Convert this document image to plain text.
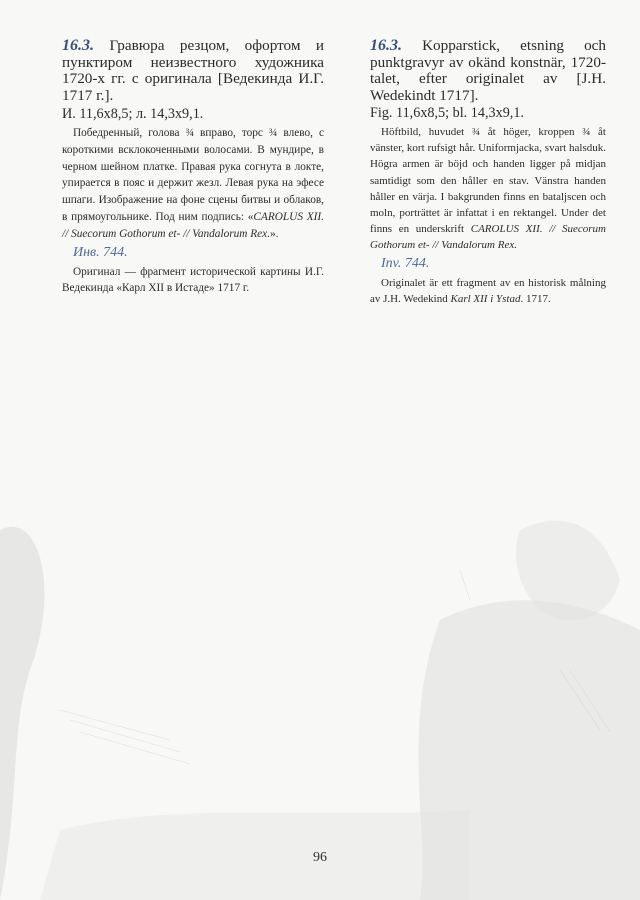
16.3. Гравюра резцом, офортом и пунктиром неизвестного художника 1720-х гг. с оригинала [Ведекинда И.Г. 1717 г.].

И. 11,6х8,5; л. 14,3х9,1.

Победренный, голова ¾ вправо, торс ¾ влево, с короткими всклокоченными волосами. В мундире, в черном шейном платке. Правая рука согнута в локте, упирается в пояс и держит жезл. Левая рука на эфесе шпаги. Изображение на фоне сцены битвы и облаков, в прямоугольнике. Под ним подпись: «CAROLUS XII. // Suecorum Gothorum et- // Vandalorum Rex.».

Инв. 744.

Оригинал — фрагмент исторической картины И.Г. Ведекинда «Карл XII в Истаде» 1717 г.

16.3. Kopparstick, etsning och punktgravyr av okänd konstnär, 1720-talet, efter originalet av [J.H. Wedekindt 1717].

Fig. 11,6x8,5; bl. 14,3x9,1.

Höftbild, huvudet ¾ åt höger, kroppen ¾ åt vänster, kort rufsigt hår. Uniformjacka, svart halsduk. Högra armen är böjd och handen ligger på midjan samtidigt som den håller en stav. Vänstra handen håller en värja. I bakgrunden finns en bataljscen och moln, porträttet är infattat i en rektangel. Under det finns en underskrift CAROLUS XII. // Suecorum Gothorum et- // Vandalorum Rex.

Inv. 744.

Originalet är ett fragment av en historisk målning av J.H. Wedekind Karl XII i Ystad. 1717.

96
